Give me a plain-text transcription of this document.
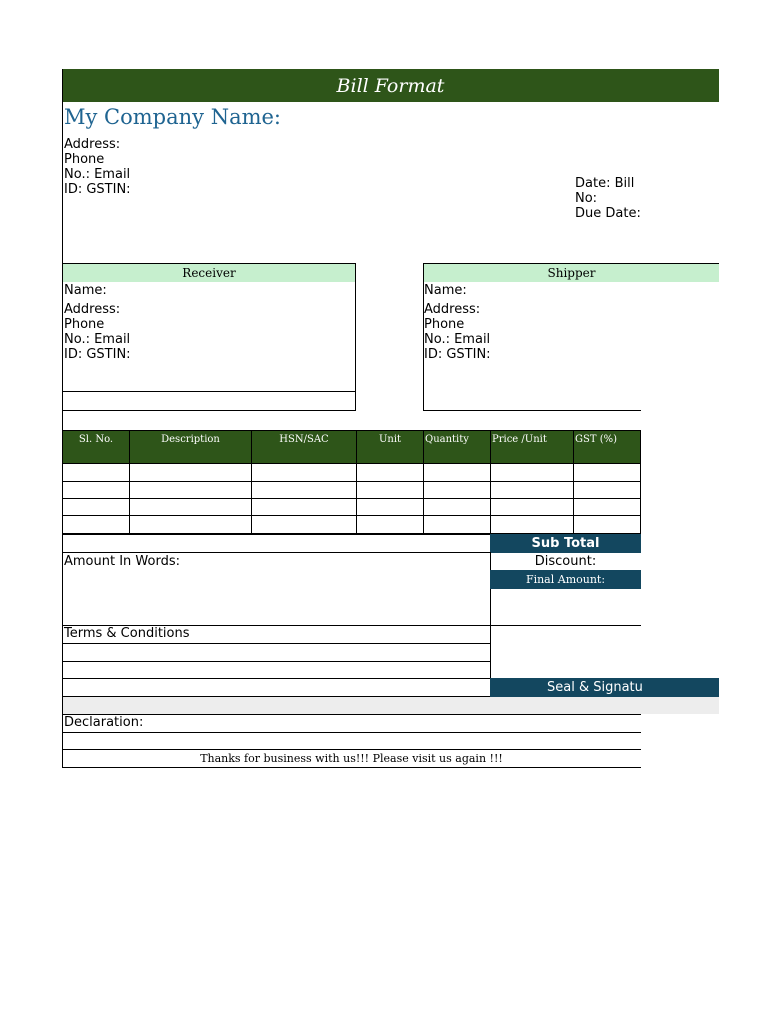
Bill Format
My Company Name:
Address:
Phone
No.: Email
ID: GSTIN:	Date: Bill
No:
Due Date:
Receiver
Name:
Address:
Phone
No.: Email
ID: GSTIN:
Shipper
Name:
Address:
Phone
No.: Email
ID: GSTIN:
Sl. No.	Description	HSN/SAC	Unit	Quantity	Price /Unit	GST (%)
Sub Total
Amount In Words:	Discount:
Final Amount:
Terms & Conditions
Seal & Signatu
Declaration:
Thanks for business with us!!! Please visit us again !!!
